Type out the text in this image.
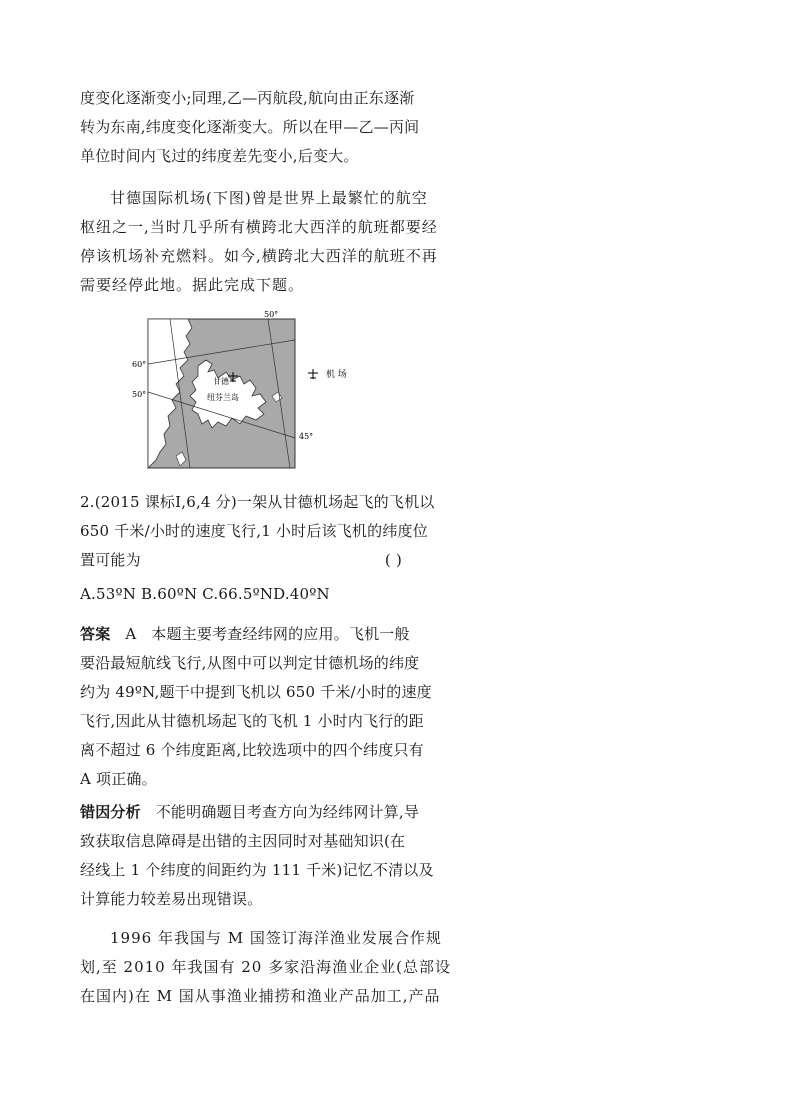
度变化逐渐变小;同理,乙—丙航段,航向由正东逐渐
转为东南,纬度变化逐渐变大。所以在甲—乙—丙间
单位时间内飞过的纬度差先变小,后变大。
甘德国际机场(下图)曾是世界上最繁忙的航空
枢纽之一,当时几乎所有横跨北大西洋的航班都要经
停该机场补充燃料。如今,横跨北大西洋的航班不再
需要经停此地。据此完成下题。
50°
60°
50°
45°
甘德
纽芬兰岛
机 场
2.(2015 课标Ⅰ,6,4 分)一架从甘德机场起飞的飞机以
650 千米/小时的速度飞行,1 小时后该飞机的纬度位
置可能为	( )
A.53ºN B.60ºN C.66.5ºND.40ºN
答案 A 本题主要考查经纬网的应用。飞机一般
要沿最短航线飞行,从图中可以判定甘德机场的纬度
约为 49ºN,题干中提到飞机以 650 千米/小时的速度
飞行,因此从甘德机场起飞的飞机 1 小时内飞行的距
离不超过 6 个纬度距离,比较选项中的四个纬度只有
A 项正确。
错因分析 不能明确题目考查方向为经纬网计算,导
致获取信息障碍是出错的主因同时对基础知识(在
经线上 1 个纬度的间距约为 111 千米)记忆不清以及
计算能力较差易出现错误。
1996 年我国与 M 国签订海洋渔业发展合作规
划,至 2010 年我国有 20 多家沿海渔业企业(总部设
在国内)在 M 国从事渔业捕捞和渔业产品加工,产品
